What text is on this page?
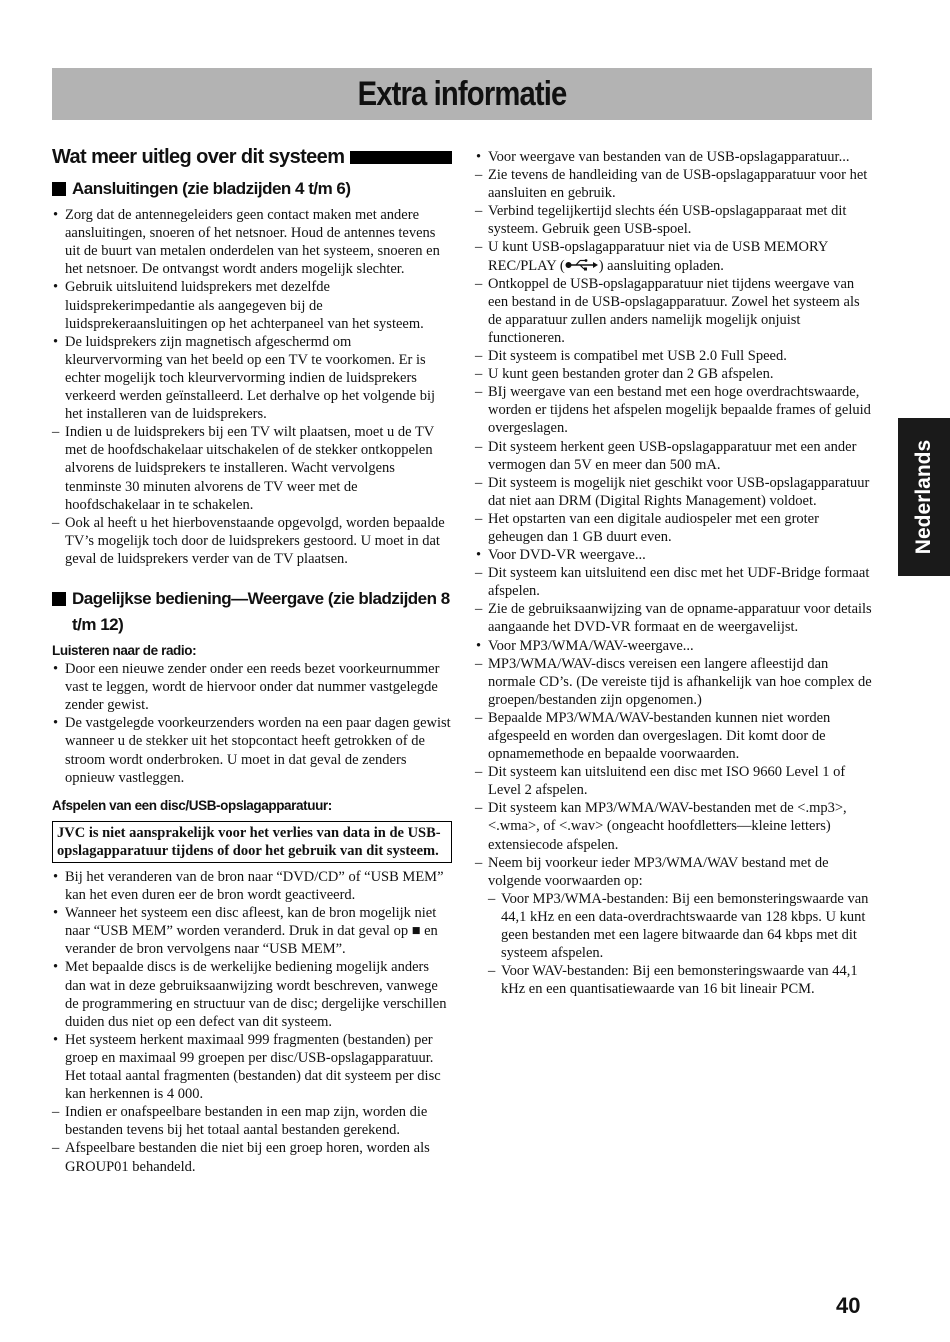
Extra informatie
Nederlands
Wat meer uitleg over dit systeem
Aansluitingen (zie bladzijden 4 t/m 6)
• Zorg dat de antennegeleiders geen contact maken met andere aansluitingen, snoeren of het netsnoer. Houd de antennes tevens uit de buurt van metalen onderdelen van het systeem, snoeren en het netsnoer. De ontvangst wordt anders mogelijk slechter.
• Gebruik uitsluitend luidsprekers met dezelfde luidsprekerimpedantie als aangegeven bij de luidsprekeraansluitingen op het achterpaneel van het systeem.
• De luidsprekers zijn magnetisch afgeschermd om kleurvervorming van het beeld op een TV te voorkomen. Er is echter mogelijk toch kleurvervorming indien de luidsprekers verkeerd werden geïnstalleerd. Let derhalve op het volgende bij het installeren van de luidsprekers.
– Indien u de luidsprekers bij een TV wilt plaatsen, moet u de TV met de hoofdschakelaar uitschakelen of de stekker ontkoppelen alvorens de luidsprekers te installeren. Wacht vervolgens tenminste 30 minuten alvorens de TV weer met de hoofdschakelaar in te schakelen.
– Ook al heeft u het hierbovenstaande opgevolgd, worden bepaalde TV’s mogelijk toch door de luidsprekers gestoord. U moet in dat geval de luidsprekers verder van de TV plaatsen.
Dagelijkse bediening—Weergave (zie bladzijden 8 t/m 12)

Luisteren naar de radio:

• Door een nieuwe zender onder een reeds bezet voorkeurnummer vast te leggen, wordt de hiervoor onder dat nummer vastgelegde zender gewist.
• De vastgelegde voorkeurzenders worden na een paar dagen gewist wanneer u de stekker uit het stopcontact heeft getrokken of de stroom wordt onderbroken. U moet in dat geval de zenders opnieuw vastleggen.

Afspelen van een disc/USB-opslagapparatuur:

JVC is niet aansprakelijk voor het verlies van data in de USB-opslagapparatuur tijdens of door het gebruik van dit systeem.
• Bij het veranderen van de bron naar “DVD/CD” of “USB MEM” kan het even duren eer de bron wordt geactiveerd.
• Wanneer het systeem een disc afleest, kan de bron mogelijk niet naar “USB MEM” worden veranderd. Druk in dat geval op ■ en verander de bron vervolgens naar “USB MEM”.
• Met bepaalde discs is de werkelijke bediening mogelijk anders dan wat in deze gebruiksaanwijzing wordt beschreven, vanwege de programmering en structuur van de disc; dergelijke verschillen duiden dus niet op een defect van dit systeem.
• Het systeem herkent maximaal 999 fragmenten (bestanden) per groep en maximaal 99 groepen per disc/USB-opslagapparatuur. Het totaal aantal fragmenten (bestanden) dat dit systeem per disc kan herkennen is 4 000.
– Indien er onafspeelbare bestanden in een map zijn, worden die bestanden tevens bij het totaal aantal bestanden gerekend.
– Afspeelbare bestanden die niet bij een groep horen, worden als GROUP01 behandeld.
• Voor weergave van bestanden van de USB-opslagapparatuur...
– Zie tevens de handleiding van de USB-opslagapparatuur voor het aansluiten en gebruik.
– Verbind tegelijkertijd slechts één USB-opslagapparaat met dit systeem. Gebruik geen USB-spoel.
– U kunt USB-opslagapparatuur niet via de USB MEMORY REC/PLAY ( ) aansluiting opladen.
– Ontkoppel de USB-opslagapparatuur niet tijdens weergave van een bestand in de USB-opslagapparatuur. Zowel het systeem als de apparatuur zullen anders namelijk mogelijk onjuist functioneren.
– Dit systeem is compatibel met USB 2.0 Full Speed.
– U kunt geen bestanden groter dan 2 GB afspelen.
– BIj weergave van een bestand met een hoge overdrachtswaarde, worden er tijdens het afspelen mogelijk bepaalde frames of geluid overgeslagen.
– Dit systeem herkent geen USB-opslagapparatuur met een ander vermogen dan 5V en meer dan 500 mA.
– Dit systeem is mogelijk niet geschikt voor USB-opslagapparatuur dat niet aan DRM (Digital Rights Management) voldoet.
– Het opstarten van een digitale audiospeler met een groter geheugen dan 1 GB duurt even.
• Voor DVD-VR weergave...
– Dit systeem kan uitsluitend een disc met het UDF-Bridge formaat afspelen.
– Zie de gebruiksaanwijzing van de opname-apparatuur voor details aangaande het DVD-VR formaat en de weergavelijst.
• Voor MP3/WMA/WAV-weergave...
– MP3/WMA/WAV-discs vereisen een langere afleestijd dan normale CD’s. (De vereiste tijd is afhankelijk van hoe complex de groepen/bestanden zijn opgenomen.)
– Bepaalde MP3/WMA/WAV-bestanden kunnen niet worden afgespeeld en worden dan overgeslagen. Dit komt door de opnamemethode en bepaalde voorwaarden.
– Dit systeem kan uitsluitend een disc met ISO 9660 Level 1 of Level 2 afspelen.
– Dit systeem kan MP3/WMA/WAV-bestanden met de <.mp3>, <.wma>, of <.wav> (ongeacht hoofdletters—kleine letters) extensiecode afspelen.
– Neem bij voorkeur ieder MP3/WMA/WAV bestand met de volgende voorwaarden op:
– Voor MP3/WMA-bestanden: Bij een bemonsteringswaarde van 44,1 kHz en een data-overdrachtswaarde van 128 kbps. U kunt geen bestanden met een lagere bitwaarde dan 64 kbps met dit systeem afspelen.
– Voor WAV-bestanden: Bij een bemonsteringswaarde van 44,1 kHz en een quantisatiewaarde van 16 bit lineair PCM.
40
